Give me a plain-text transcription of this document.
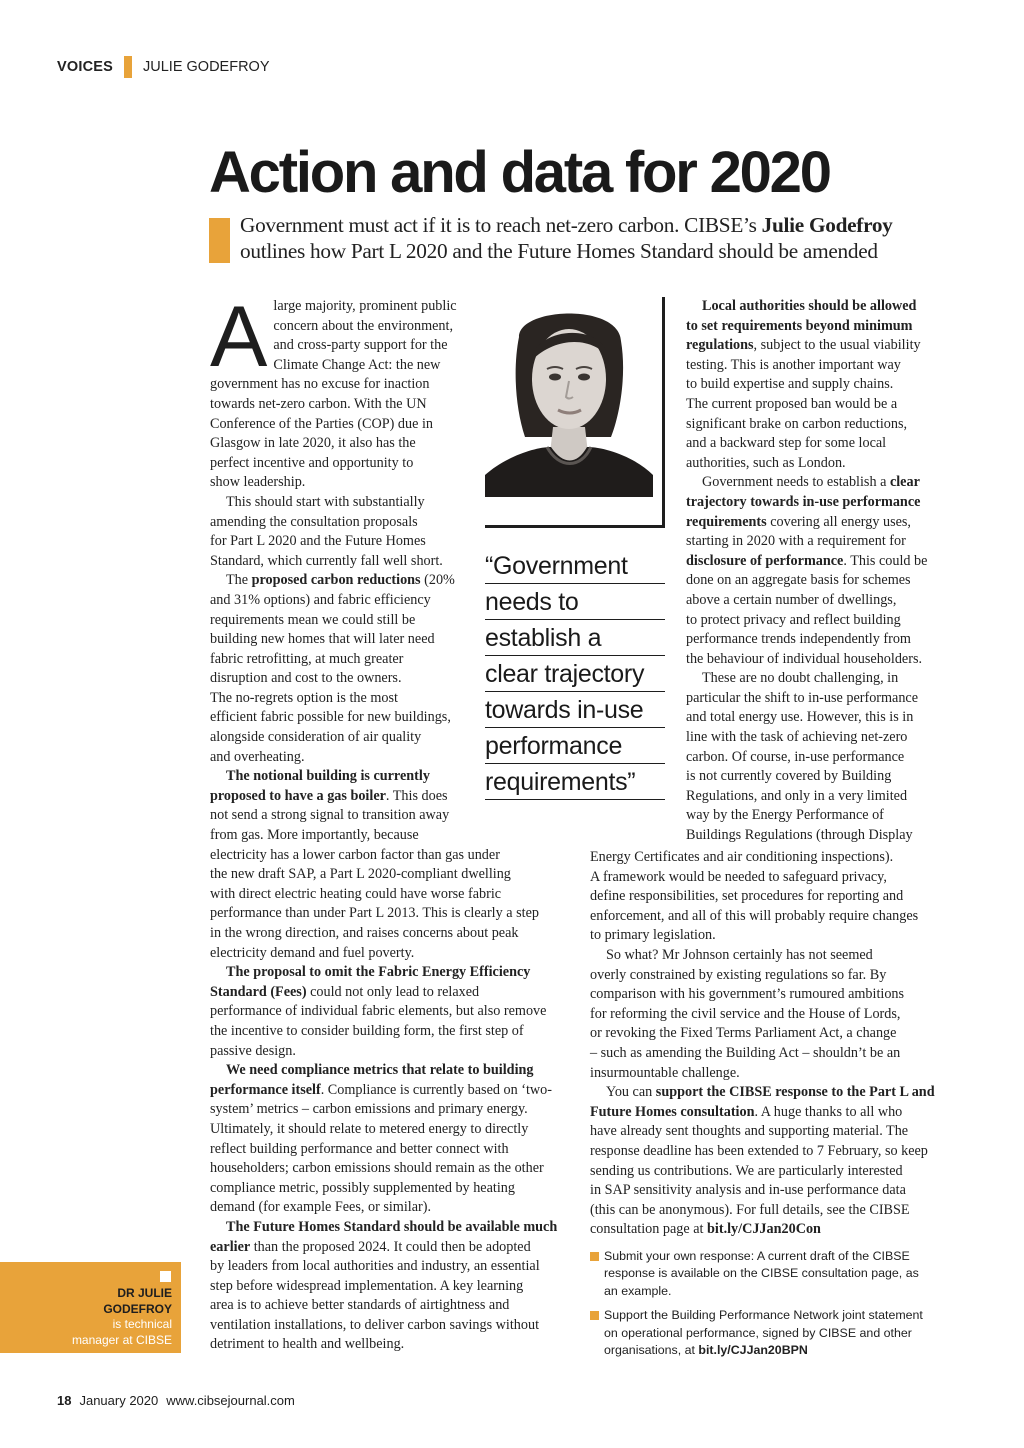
VOICES JULIE GODEFROY
Action and data for 2020

Government must act if it is to reach net-zero carbon. CIBSE’s Julie Godefroy

outlines how Part L 2020 and the Future Homes Standard should be amended

A large majority, prominent public

concern about the environment,

and cross-party support for the

Climate Change Act: the new

government has no excuse for inaction

towards net-zero carbon. With the UN

Conference of the Parties (COP) due in

Glasgow in late 2020, it also has the

perfect incentive and opportunity to

show leadership.

This should start with substantially

amending the consultation proposals

for Part L 2020 and the Future Homes

Standard, which currently fall well short.

The proposed carbon reductions (20%

and 31% options) and fabric efficiency

requirements mean we could still be

building new homes that will later need

fabric retrofitting, at much greater

disruption and cost to the owners.

The no-regrets option is the most

efficient fabric possible for new buildings,

alongside consideration of air quality

and overheating.

The notional building is currently

proposed to have a gas boiler. This does

not send a strong signal to transition away

from gas. More importantly, because

electricity has a lower carbon factor than gas under

the new draft SAP, a Part L 2020-compliant dwelling

with direct electric heating could have worse fabric

performance than under Part L 2013. This is clearly a step

in the wrong direction, and raises concerns about peak

electricity demand and fuel poverty.

The proposal to omit the Fabric Energy Efficiency

Standard (Fees) could not only lead to relaxed

performance of individual fabric elements, but also remove

the incentive to consider building form, the first step of

passive design.

We need compliance metrics that relate to building

performance itself. Compliance is currently based on ‘two-

system’ metrics – carbon emissions and primary energy.

Ultimately, it should relate to metered energy to directly

reflect building performance and better connect with

householders; carbon emissions should remain as the other

compliance metric, possibly supplemented by heating

demand (for example Fees, or similar).

The Future Homes Standard should be available much

earlier than the proposed 2024. It could then be adopted

by leaders from local authorities and industry, an essential

step before widespread implementation. A key learning

area is to achieve better standards of airtightness and

ventilation installations, to deliver carbon savings without

detriment to health and wellbeing.

“Government
needs to
establish a
clear trajectory
towards in-use
performance
requirements”

Local authorities should be allowed

to set requirements beyond minimum

regulations, subject to the usual viability

testing. This is another important way

to build expertise and supply chains.

The current proposed ban would be a

significant brake on carbon reductions,

and a backward step for some local

authorities, such as London.

Government needs to establish a clear

trajectory towards in-use performance

requirements covering all energy uses,

starting in 2020 with a requirement for

disclosure of performance. This could be

done on an aggregate basis for schemes

above a certain number of dwellings,

to protect privacy and reflect building

performance trends independently from

the behaviour of individual householders.

These are no doubt challenging, in

particular the shift to in-use performance

and total energy use. However, this is in

line with the task of achieving net-zero

carbon. Of course, in-use performance

is not currently covered by Building

Regulations, and only in a very limited

way by the Energy Performance of

Buildings Regulations (through Display

Energy Certificates and air conditioning inspections).

A framework would be needed to safeguard privacy,

define responsibilities, set procedures for reporting and

enforcement, and all of this will probably require changes

to primary legislation.

So what? Mr Johnson certainly has not seemed

overly constrained by existing regulations so far. By

comparison with his government’s rumoured ambitions

for reforming the civil service and the House of Lords,

or revoking the Fixed Terms Parliament Act, a change

– such as amending the Building Act – shouldn’t be an

insurmountable challenge.

You can support the CIBSE response to the Part L and

Future Homes consultation. A huge thanks to all who

have already sent thoughts and supporting material. The

response deadline has been extended to 7 February, so keep

sending us contributions. We are particularly interested

in SAP sensitivity analysis and in-use performance data

(this can be anonymous). For full details, see the CIBSE

consultation page at bit.ly/CJJan20Con

Submit your own response: A current draft of the CIBSE

response is available on the CIBSE consultation page, as

an example.

Support the Building Performance Network joint statement

on operational performance, signed by CIBSE and other

organisations, at bit.ly/CJJan20BPN

DR JULIE
GODEFROY
is technical
manager at CIBSE
18 January 2020 www.cibsejournal.com
